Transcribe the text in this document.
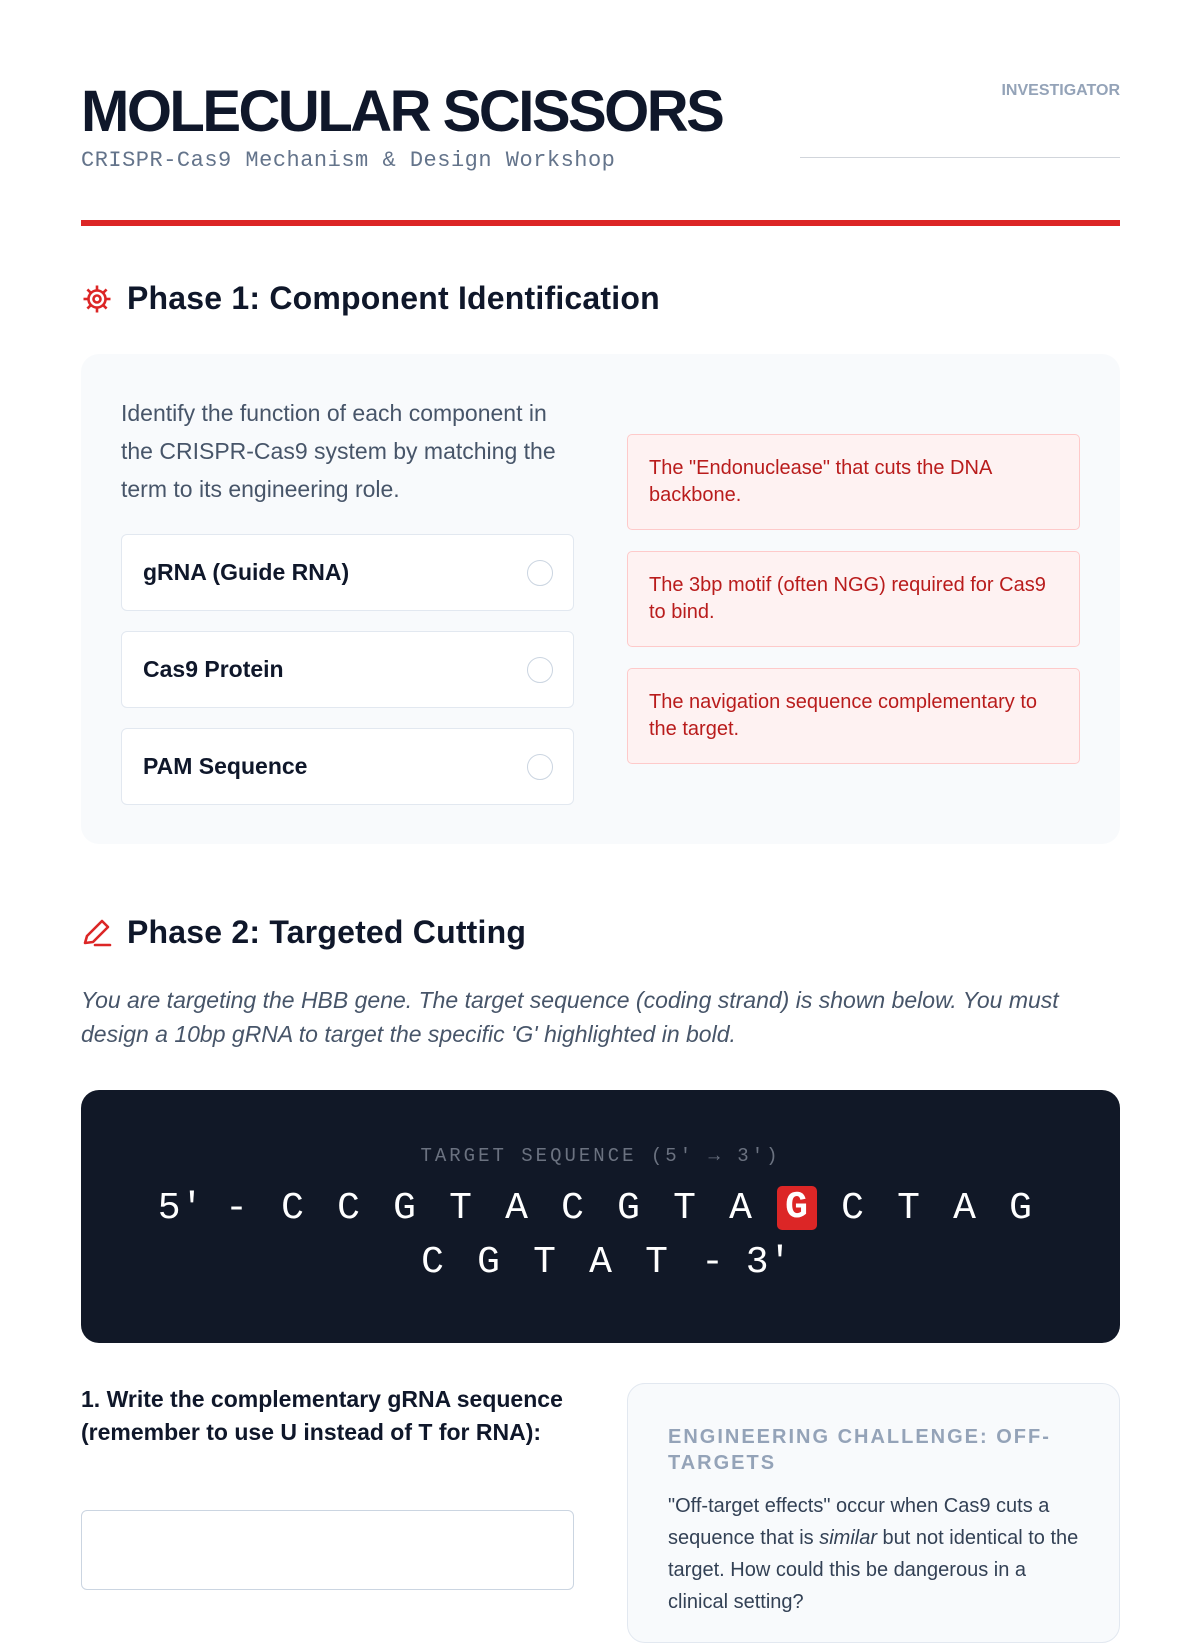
MOLECULAR SCISSORS
CRISPR-Cas9 Mechanism & Design Workshop
INVESTIGATOR
Phase 1: Component Identification
Identify the function of each component in the CRISPR-Cas9 system by matching the term to its engineering role.
gRNA (Guide RNA)
Cas9 Protein
PAM Sequence
The "Endonuclease" that cuts the DNA backbone.
The 3bp motif (often NGG) required for Cas9 to bind.
The navigation sequence complementary to the target.
Phase 2: Targeted Cutting
You are targeting the HBB gene. The target sequence (coding strand) is shown below. You must design a 10bp gRNA to target the specific 'G' highlighted in bold.
TARGET SEQUENCE (5' → 3')
5' - C C G T A C G T A G C T A G
C G T A T - 3'
1. Write the complementary gRNA sequence (remember to use U instead of T for RNA):	ENGINEERING CHALLENGE: OFF-TARGETS

"Off-target effects" occur when Cas9 cuts a sequence that is similar but not identical to the target. How could this be dangerous in a clinical setting?
